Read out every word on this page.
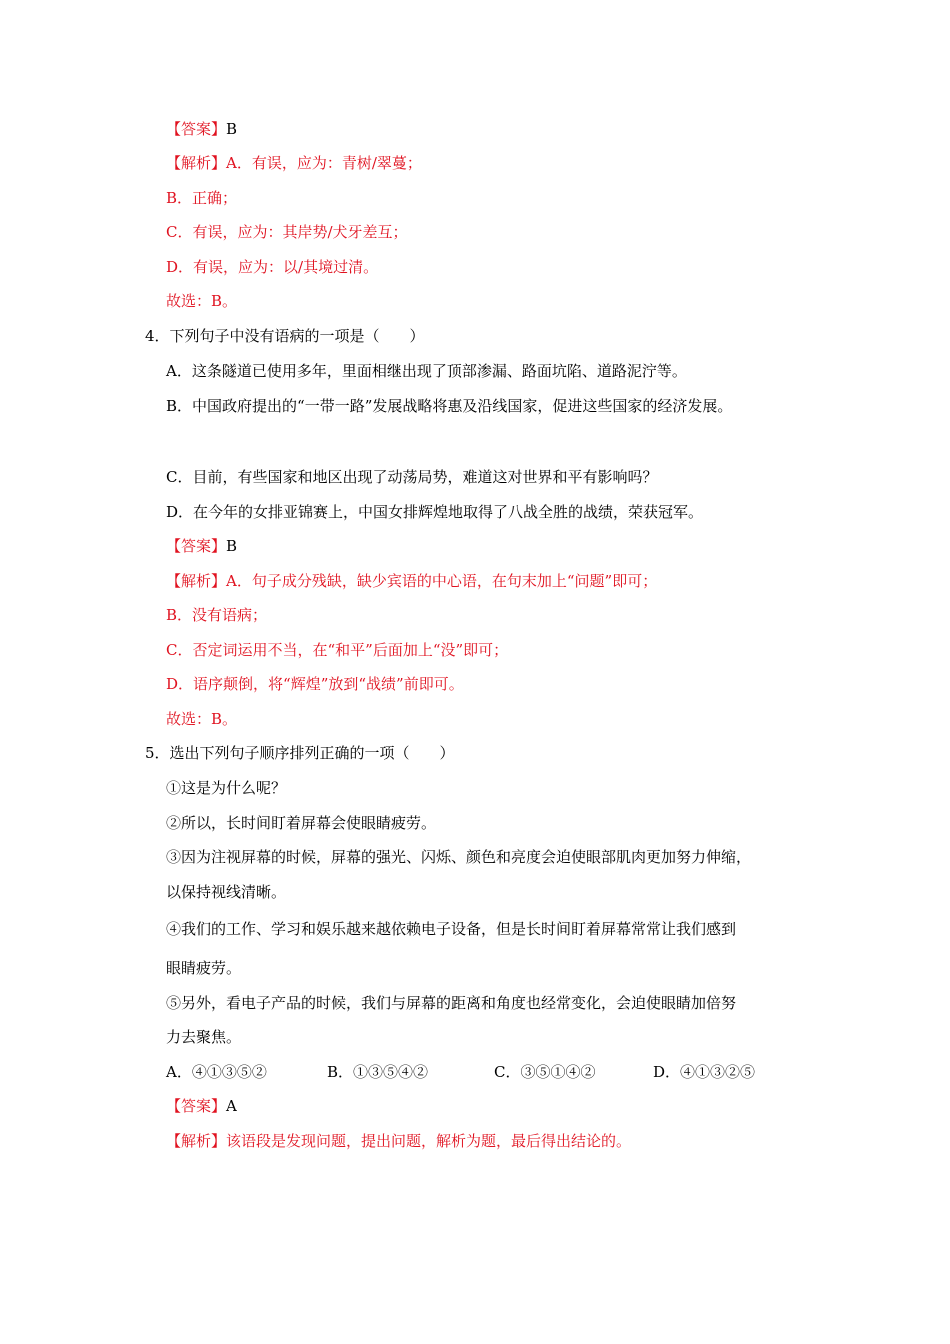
【答案】B
【解析】A．有误，应为：青树/翠蔓；
B．正确；
C．有误，应为：其岸势/犬牙差互；
D．有误，应为：以/其境过清。
故选：B。
4．下列句子中没有语病的一项是（　　）
A．这条隧道已使用多年，里面相继出现了顶部渗漏、路面坑陷、道路泥泞等。
B．中国政府提出的“一带一路”发展战略将惠及沿线国家，促进这些国家的经济发展。
C．目前，有些国家和地区出现了动荡局势，难道这对世界和平有影响吗？
D．在今年的女排亚锦赛上，中国女排辉煌地取得了八战全胜的战绩，荣获冠军。
【答案】B
【解析】A．句子成分残缺，缺少宾语的中心语，在句末加上“问题”即可；
B．没有语病；
C．否定词运用不当，在“和平”后面加上“没”即可；
D．语序颠倒，将“辉煌”放到“战绩”前即可。
故选：B。
5．选出下列句子顺序排列正确的一项（　　）
①这是为什么呢？
②所以，长时间盯着屏幕会使眼睛疲劳。
③因为注视屏幕的时候，屏幕的强光、闪烁、颜色和亮度会迫使眼部肌肉更加努力伸缩，
以保持视线清晰。
④我们的工作、学习和娱乐越来越依赖电子设备，但是长时间盯着屏幕常常让我们感到
眼睛疲劳。
⑤另外，看电子产品的时候，我们与屏幕的距离和角度也经常变化，会迫使眼睛加倍努
力去聚焦。
A．④①③⑤②	B．①③⑤④②	C．③⑤①④②	D．④①③②⑤
【答案】A
【解析】该语段是发现问题，提出问题，解析为题，最后得出结论的。
